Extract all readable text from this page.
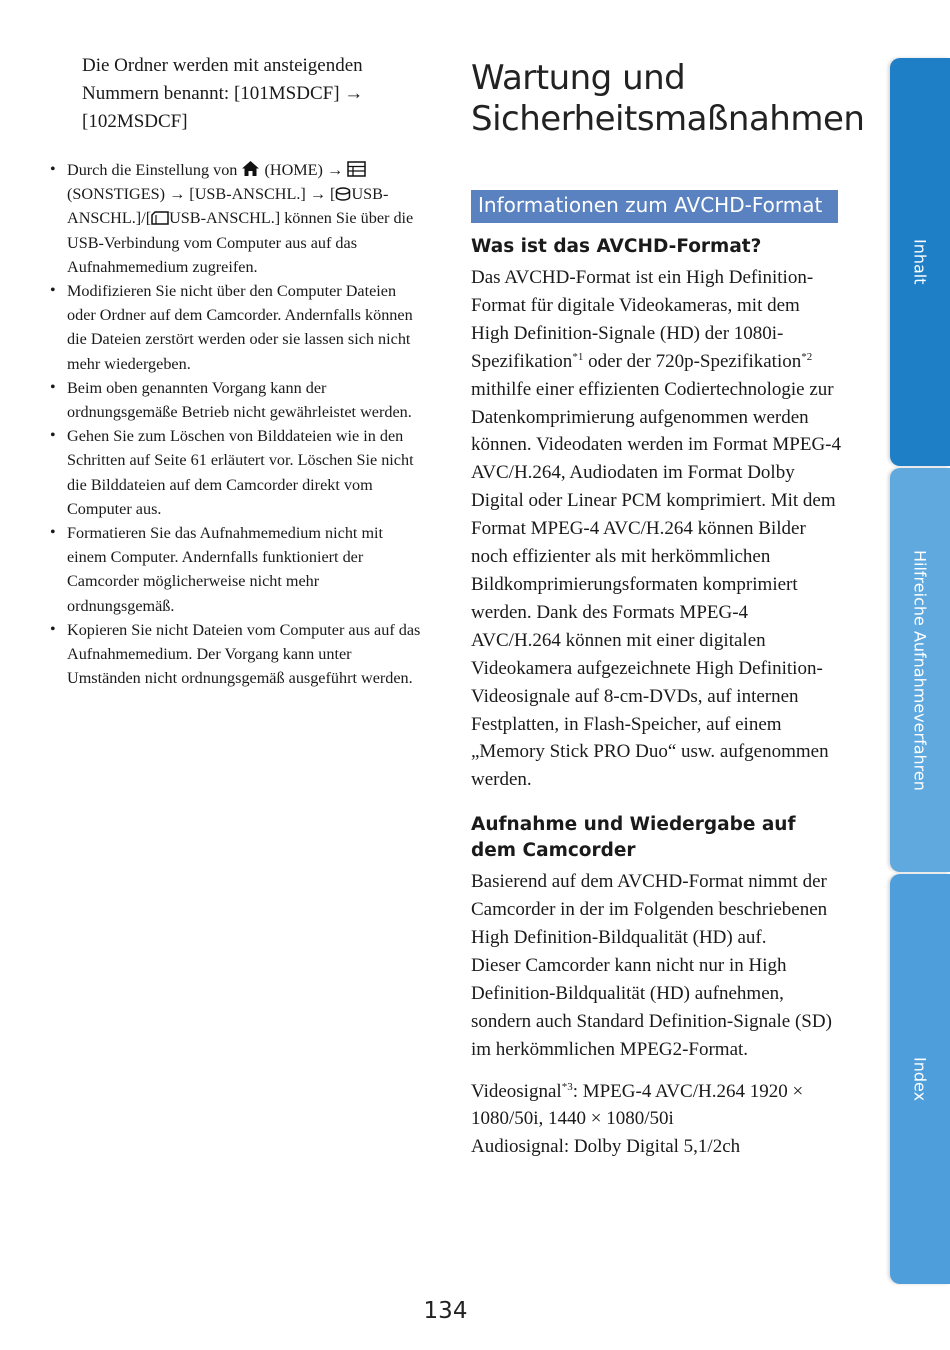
Die Ordner werden mit ansteigenden Nummern benannt: [101MSDCF] → [102MSDCF]

• Durch die Einstellung von (HOME) →  (SONSTIGES) → [USB-ANSCHL.] → [ USB-ANSCHL.]/[ USB-ANSCHL.] können Sie über die USB-Verbindung vom Computer aus auf das Aufnahmemedium zugreifen.
• Modifizieren Sie nicht über den Computer Dateien oder Ordner auf dem Camcorder. Andernfalls können die Dateien zerstört werden oder sie lassen sich nicht mehr wiedergeben.
• Beim oben genannten Vorgang kann der ordnungsgemäße Betrieb nicht gewährleistet werden.
• Gehen Sie zum Löschen von Bilddateien wie in den Schritten auf Seite 61 erläutert vor. Löschen Sie nicht die Bilddateien auf dem Camcorder direkt vom Computer aus.
• Formatieren Sie das Aufnahmemedium nicht mit einem Computer. Andernfalls funktioniert der Camcorder möglicherweise nicht mehr ordnungsgemäß.
• Kopieren Sie nicht Dateien vom Computer aus auf das Aufnahmemedium. Der Vorgang kann unter Umständen nicht ordnungsgemäß ausgeführt werden.
Wartung und
Sicherheitsmaßnahmen
Informationen zum AVCHD-Format
Was ist das AVCHD-Format?

Das AVCHD-Format ist ein High Definition-Format für digitale Videokameras, mit dem High Definition-Signale (HD) der 1080i-Spezifikation$^{*1}$ oder der 720p-Spezifikation$^{*2}$ mithilfe einer effizienten Codiertechnologie zur Datenkomprimierung aufgenommen werden können. Videodaten werden im Format MPEG-4 AVC/H.264, Audiodaten im Format Dolby Digital oder Linear PCM komprimiert. Mit dem Format MPEG-4 AVC/H.264 können Bilder noch effizienter als mit herkömmlichen Bildkomprimierungsformaten komprimiert werden. Dank des Formats MPEG-4 AVC/H.264 können mit einer digitalen Videokamera aufgezeichnete High Definition-Videosignale auf 8-cm-DVDs, auf internen Festplatten, in Flash-Speicher, auf einem „Memory Stick PRO Duo“ usw. aufgenommen werden.

Aufnahme und Wiedergabe auf dem Camcorder

Basierend auf dem AVCHD-Format nimmt der Camcorder in der im Folgenden beschriebenen High Definition-Bildqualität (HD) auf.

Dieser Camcorder kann nicht nur in High Definition-Bildqualität (HD) aufnehmen, sondern auch Standard Definition-Signale (SD) im herkömmlichen MPEG2-Format.

Videosignal$^{*3}$: MPEG-4 AVC/H.264 1920 × 1080/50i, 1440 × 1080/50i

Audiosignal: Dolby Digital 5,1/2ch

Inhalt
Hilfreiche Aufnahmeverfahren
Index
134
